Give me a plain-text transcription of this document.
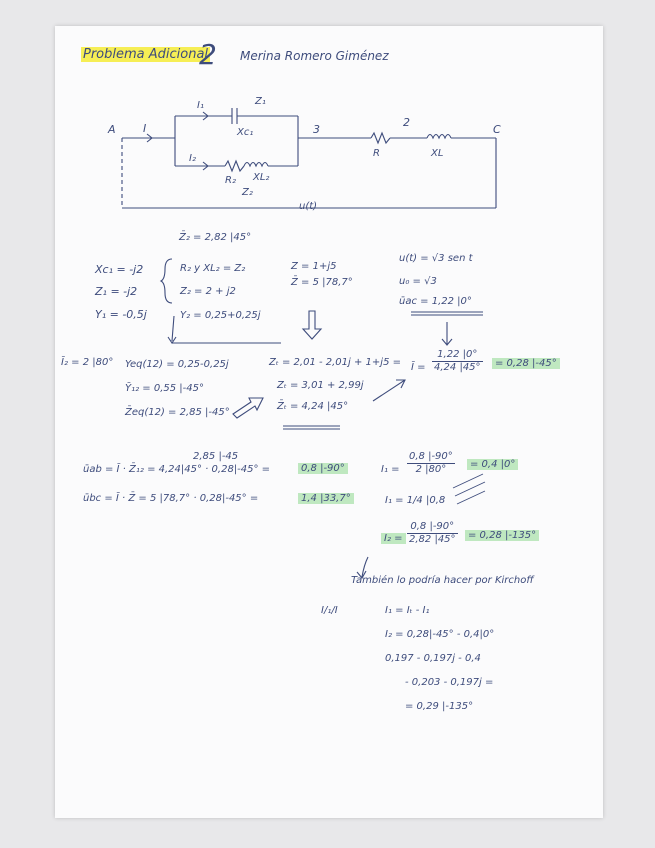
Problema Adicional
2 Merina Romero Giménez
A	3	C
I
I₁	Z₁
Xc₁
I₂
R₂ XL₂
Z₂
2
R	XL
u(t)
Z̄₂ = 2,82 |45°
Xc₁ = -j2
Z₁ = -j2
Y₁ = -0,5j
R₂ y XL₂ = Z₂
Z₂ = 2 + j2
Y₂ = 0,25+0,25j
Z = 1+j5
Z̄ = 5 |78,7°
u(t) = √3 sen t
u₀ = √3
ūac = 1,22 |0°
Ī₂ = 2 |80° Yeq(12) = 0,25-0,25j
Ȳ₁₂ = 0,55 |-45°
Z̄eq(12) = 2,85 |-45°
Zₜ = 2,01 - 2,01j + 1+j5 =
Zₜ = 3,01 + 2,99j
Z̄ₜ = 4,24 |45°
Ī = $\frac{1,22 |0^\circ}{4,24 |45^\circ}$	= 0,28 |-45°
2,85 |-45
ūab = Ī · Z̄₁₂ = 4,24|45° · 0,28|-45° =	0,8 |-90°
ūbc = Ī · Z̄ = 5 |78,7° · 0,28|-45° =	1,4 |33,7°
$I_1 = \frac{0,8 |-90^\circ}{2 |80^\circ}$	= 0,4 |0°
I₁ = 1/4 |0,8
$I_2 = \frac{0,8 |-90^\circ}{2,82 |45^\circ}$	= 0,28 |-135°
También lo podría hacer por Kirchoff
I/₁/I	I₁ = Iₜ - I₁
I₂ = 0,28|-45° - 0,4|0°
0,197 - 0,197j - 0,4
- 0,203 - 0,197j =
= 0,29 |-135°
